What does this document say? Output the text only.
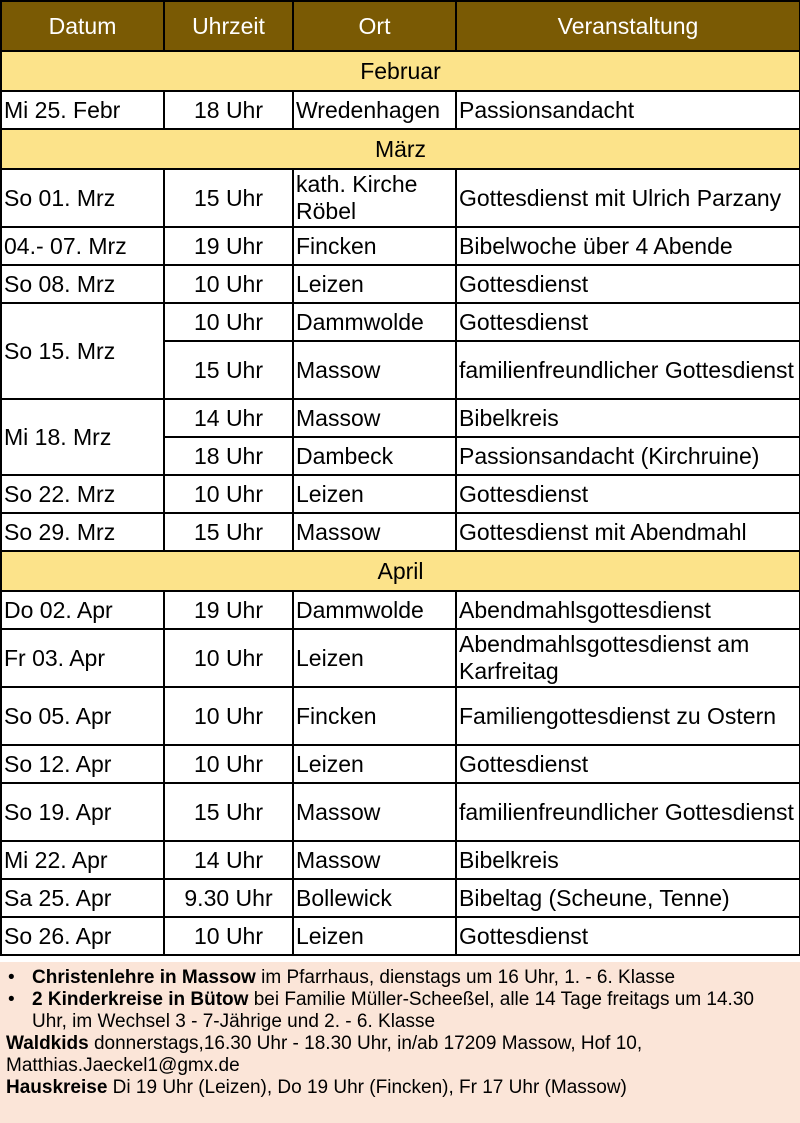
Datum	Uhrzeit	Ort	Veranstaltung
Februar			
Mi 25. Febr	18 Uhr	Wredenhagen	Passionsandacht
März			
So 01. Mrz	15 Uhr	kath. Kirche Röbel	Gottesdienst mit Ulrich Parzany
04.- 07. Mrz	19 Uhr	Fincken	Bibelwoche über 4 Abende
So 08. Mrz	10 Uhr	Leizen	Gottesdienst
So 15. Mrz	10 Uhr	Dammwolde	Gottesdienst
	15 Uhr	Massow	familienfreundlicher Gottesdienst
Mi 18. Mrz	14 Uhr	Massow	Bibelkreis
	18 Uhr	Dambeck	Passionsandacht (Kirchruine)
So 22. Mrz	10 Uhr	Leizen	Gottesdienst
So 29. Mrz	15 Uhr	Massow	Gottesdienst mit Abendmahl
April			
Do 02. Apr	19 Uhr	Dammwolde	Abendmahlsgottesdienst
Fr 03. Apr	10 Uhr	Leizen	Abendmahlsgottesdienst am Karfreitag
So 05. Apr	10 Uhr	Fincken	Familiengottesdienst zu Ostern
So 12. Apr	10 Uhr	Leizen	Gottesdienst
So 19. Apr	15 Uhr	Massow	familienfreundlicher Gottesdienst
Mi 22. Apr	14 Uhr	Massow	Bibelkreis
Sa 25. Apr	9.30 Uhr	Bollewick	Bibeltag (Scheune, Tenne)
So 26. Apr	10 Uhr	Leizen	Gottesdienst
• Christenlehre in Massow im Pfarrhaus, dienstags um 16 Uhr, 1. - 6. Klasse
• 2 Kinderkreise in Bütow bei Familie Müller-Scheeßel, alle 14 Tage freitags um 14.30 Uhr, im Wechsel 3 - 7-Jährige und 2. - 6. Klasse
Waldkids donnerstags,16.30 Uhr - 18.30 Uhr, in/ab 17209 Massow, Hof 10, Matthias.Jaeckel1@gmx.de
Hauskreise Di 19 Uhr (Leizen), Do 19 Uhr (Fincken), Fr 17 Uhr (Massow)
